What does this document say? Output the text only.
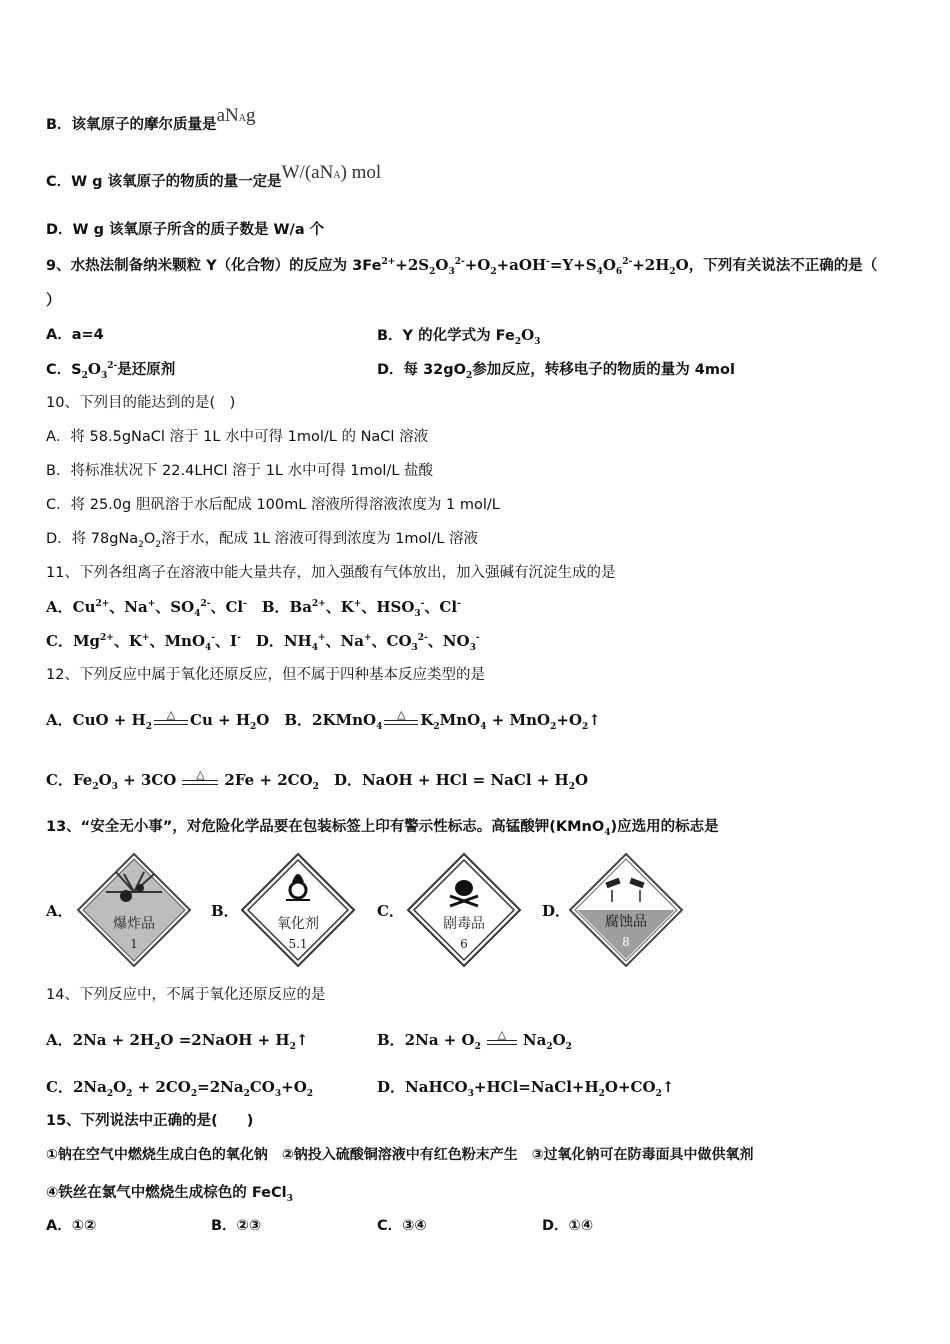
B．该氧原子的摩尔质量是aNAg
C．W g 该氧原子的物质的量一定是W/(aNA) mol
D．W g 该氧原子所含的质子数是 W/a 个
9、水热法制备纳米颗粒 Y（化合物）的反应为 $3Fe^{2+}+2S_2O_3^{2-}+O_2+aOH^-=Y+S_4O_6^{2-}+2H_2O$，下列有关说法不正确的是（
）
A．a=4	B．Y 的化学式为 $Fe_2O_3$
C．$S_2O_3^{2-}$是还原剂	D．每 $32gO_2$参加反应，转移电子的物质的量为 4mol
10、下列目的能达到的是(　)
A．将 58.5gNaCl 溶于 1L 水中可得 1mol/L 的 NaCl 溶液
B．将标准状况下 22.4LHCl 溶于 1L 水中可得 1mol/L 盐酸
C．将 25.0g 胆矾溶于水后配成 100mL 溶液所得溶液浓度为 1 mol/L
D．将 $78gNa_2O_2$溶于水，配成 1L 溶液可得到浓度为 1mol/L 溶液
11、下列各组离子在溶液中能大量共存，加入强酸有气体放出，加入强碱有沉淀生成的是
A．$Cu^{2+}$、Na+、$SO_4^{2-}$、Cl-　B．$Ba^{2+}$、K+、$HSO_3^-$、Cl-
C．$Mg^{2+}$、K+、MnO$_4$-、I-　D．$NH_4^+$、Na+、$CO_3^{2-}$、$NO_3^-$
12、下列反应中属于氧化还原反应，但不属于四种基本反应类型的是
A．CuO + $H_2$
△ $Cu + H_2O$　B．2KMnO$_4$
△ $K_2MnO_4$ + $MnO_2+O_2↑$
C．$Fe_2O_3 + 3CO$ △ $2Fe + 2CO_2$　 D．NaOH + HCl = NaCl + $H_2O$
13、“安全无小事”，对危险化学品要在包装标签上印有警示性标志。高锰酸钾(KMnO$_4$)应选用的标志是
A．
爆炸品
1
B．
氧化剂
5.1
C．
剧毒品
6
D．
腐蚀品
8
14、下列反应中，不属于氧化还原反应的是
A．$2Na + 2H_2O$ =2NaOH + $H_2↑$	B．$2Na + O_2$
△ $Na_2O_2$
C．$2Na_2O_2 + 2CO_2=2Na_2CO_3+O_2$	D．$NaHCO_3+HCl=NaCl+H_2O+CO_2↑$
15、下列说法中正确的是(　　)
①钠在空气中燃烧生成白色的氧化钠　②钠投入硫酸铜溶液中有红色粉末产生　③过氧化钠可在防毒面具中做供氧剂
④铁丝在氯气中燃烧生成棕色的 FeCl$_3$
A．①②	B．②③	C．③④	D．①④
